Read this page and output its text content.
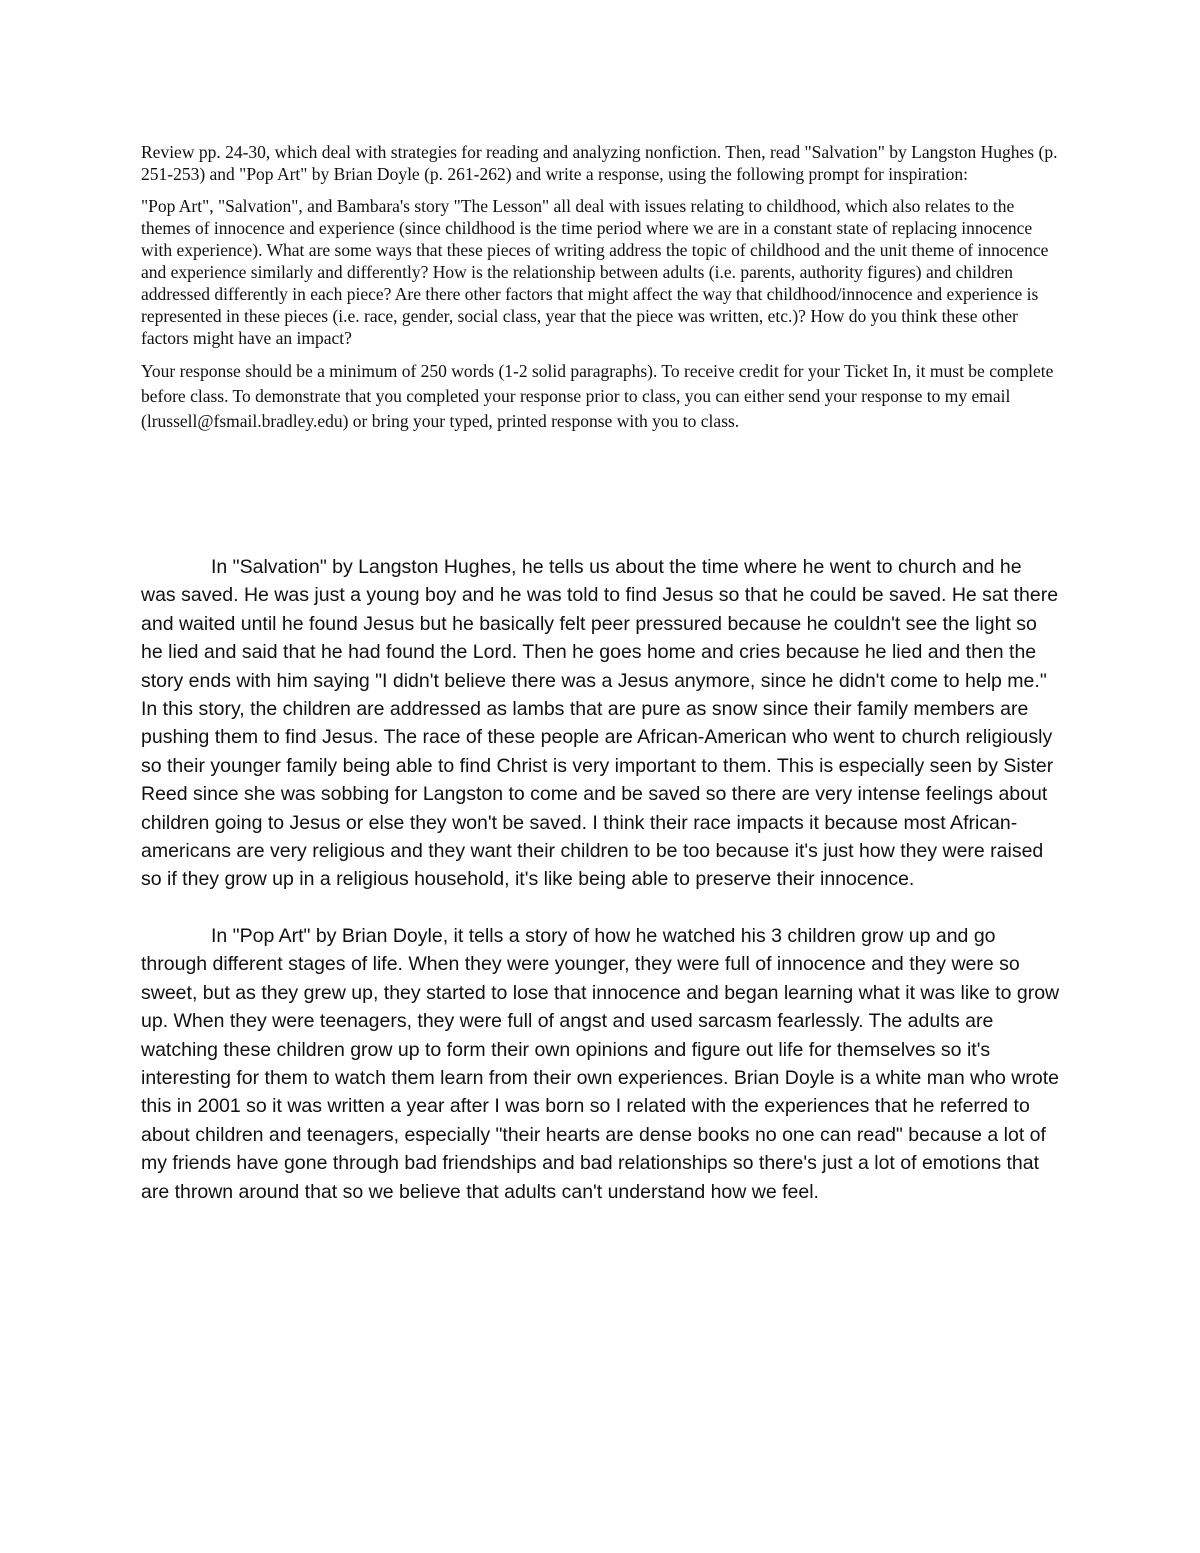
Review pp. 24-30, which deal with strategies for reading and analyzing nonfiction. Then, read "Salvation" by Langston Hughes (p. 251-253) and "Pop Art" by Brian Doyle (p. 261-262) and write a response, using the following prompt for inspiration:

"Pop Art", "Salvation", and Bambara's story "The Lesson" all deal with issues relating to childhood, which also relates to the themes of innocence and experience (since childhood is the time period where we are in a constant state of replacing innocence with experience). What are some ways that these pieces of writing address the topic of childhood and the unit theme of innocence and experience similarly and differently? How is the relationship between adults (i.e. parents, authority figures) and children addressed differently in each piece? Are there other factors that might affect the way that childhood/innocence and experience is represented in these pieces (i.e. race, gender, social class, year that the piece was written, etc.)? How do you think these other factors might have an impact?

Your response should be a minimum of 250 words (1-2 solid paragraphs). To receive credit for your Ticket In, it must be complete before class. To demonstrate that you completed your response prior to class, you can either send your response to my email (lrussell@fsmail.bradley.edu) or bring your typed, printed response with you to class.

In "Salvation" by Langston Hughes, he tells us about the time where he went to church and he was saved. He was just a young boy and he was told to find Jesus so that he could be saved. He sat there and waited until he found Jesus but he basically felt peer pressured because he couldn't see the light so he lied and said that he had found the Lord. Then he goes home and cries because he lied and then the story ends with him saying "I didn't believe there was a Jesus anymore, since he didn't come to help me." In this story, the children are addressed as lambs that are pure as snow since their family members are pushing them to find Jesus. The race of these people are African-American who went to church religiously so their younger family being able to find Christ is very important to them. This is especially seen by Sister Reed since she was sobbing for Langston to come and be saved so there are very intense feelings about children going to Jesus or else they won't be saved. I think their race impacts it because most African-americans are very religious and they want their children to be too because it's just how they were raised so if they grow up in a religious household, it's like being able to preserve their innocence.

In "Pop Art" by Brian Doyle, it tells a story of how he watched his 3 children grow up and go through different stages of life. When they were younger, they were full of innocence and they were so sweet, but as they grew up, they started to lose that innocence and began learning what it was like to grow up. When they were teenagers, they were full of angst and used sarcasm fearlessly. The adults are watching these children grow up to form their own opinions and figure out life for themselves so it's interesting for them to watch them learn from their own experiences. Brian Doyle is a white man who wrote this in 2001 so it was written a year after I was born so I related with the experiences that he referred to about children and teenagers, especially "their hearts are dense books no one can read" because a lot of my friends have gone through bad friendships and bad relationships so there's just a lot of emotions that are thrown around that so we believe that adults can't understand how we feel.
